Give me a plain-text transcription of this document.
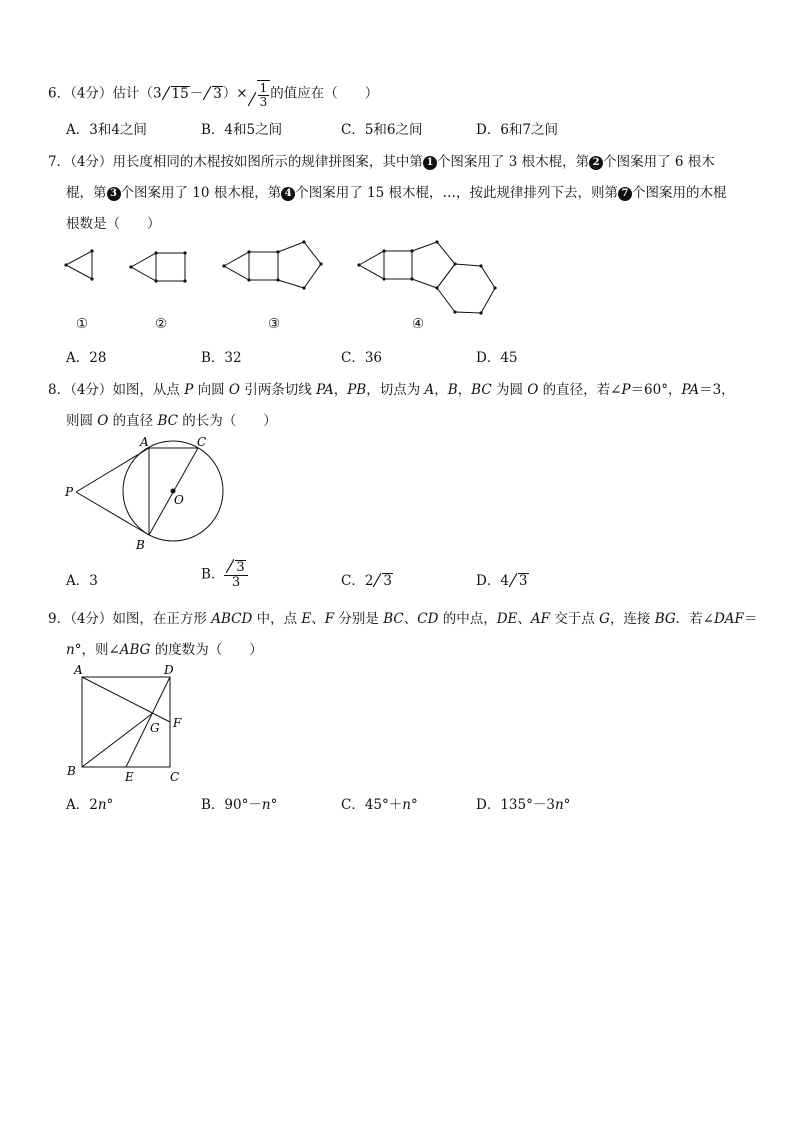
6．（4分）估计（3 $15- 3)\times \frac{1}{3}$ 的值应在（　　）
A．3和4之间	B．4和5之间	C．5和6之间	D．6和7之间
7．（4分）用长度相同的木棍按如图所示的规律拼图案，其中第 1 个图案用了 3 根木棍，第 2 个图案用了 6 根木
棍，第 3 个图案用了 10 根木棍，第 4 个图案用了 15 根木棍，…，按此规律排列下去，则第 7 个图案用的木棍
根数是（　　）
①	②	③	④
A．28	B．32	C．36	D．45
8．（4分）如图，从点 P 向圆 O 引两条切线 PA，PB，切点为 A，B，BC 为圆 O 的直径，若∠P＝60°，PA＝3，
则圆 O 的直径 BC 的长为（　　）
A	C
P
O
B
A．3	B． $\frac{3}{3}$	C．2 3	D．4 3
9．（4分）如图，在正方形 ABCD 中，点 E、F 分别是 BC、CD 的中点，DE、AF 交于点 G，连接 BG．若∠DAF＝
n°，则∠ABG 的度数为（　　）
A	D
F
G
B	E	C
A．2n°	B．90°－n°	C．45°＋n°	D．135°－3n°
